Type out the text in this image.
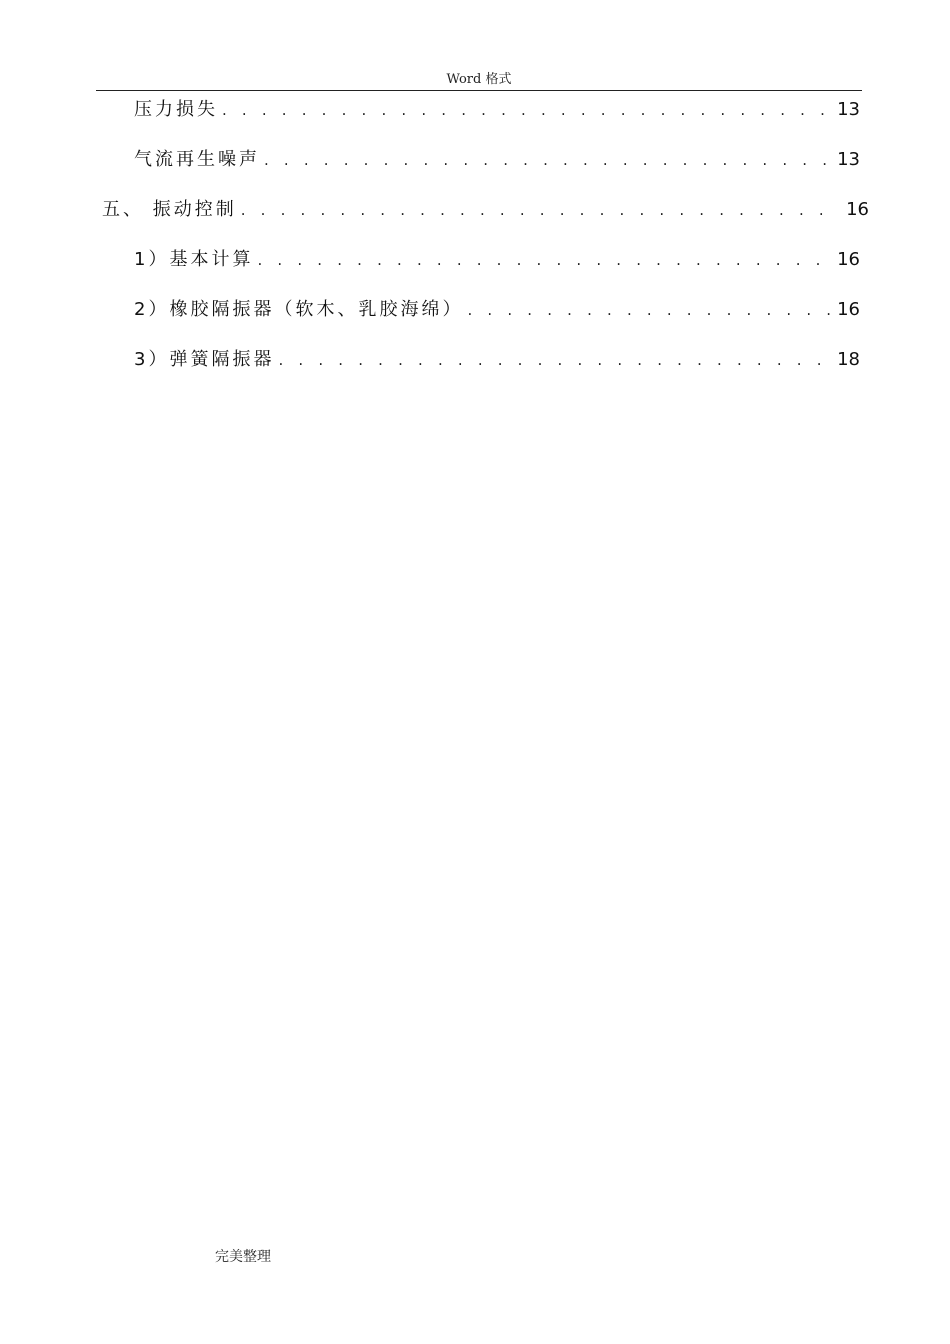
Word 格式
压力损失 . . .	13
气流再生噪声 . . .	13
五、 振动控制 . . .	16
1）基本计算 . . .	16
2）橡胶隔振器（软木、乳胶海绵） . . .	16
3）弹簧隔振器 . . .	18
完美整理
